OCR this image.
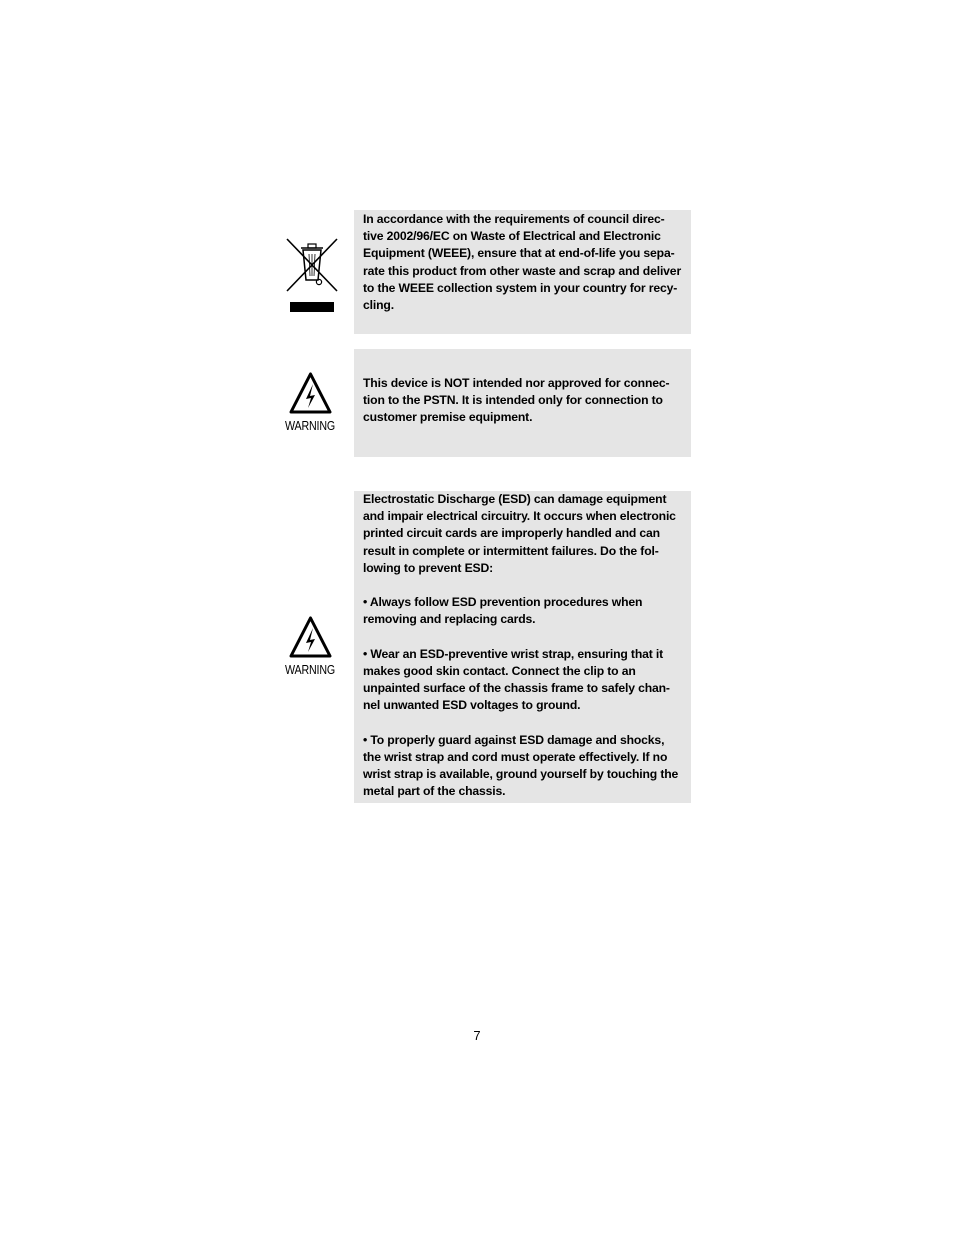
In accordance with the requirements of council direc-
tive 2002/96/EC on Waste of Electrical and Electronic
Equipment (WEEE), ensure that at end-of-life you sepa-
rate this product from other waste and scrap and deliver
to the WEEE collection system in your country for recy-
cling.

WARNING

This device is NOT intended nor approved for connec-
tion to the PSTN. It is intended only for connection to
customer premise equipment.

WARNING

Electrostatic Discharge (ESD) can damage equipment
and impair electrical circuitry. It occurs when electronic
printed circuit cards are improperly handled and can
result in complete or intermittent failures. Do the fol-
lowing to prevent ESD:

• Always follow ESD prevention procedures when
removing and replacing cards.

• Wear an ESD-preventive wrist strap, ensuring that it
makes good skin contact. Connect the clip to an
unpainted surface of the chassis frame to safely chan-
nel unwanted ESD voltages to ground.

• To properly guard against ESD damage and shocks,
the wrist strap and cord must operate effectively. If no
wrist strap is available, ground yourself by touching the
metal part of the chassis.

7
